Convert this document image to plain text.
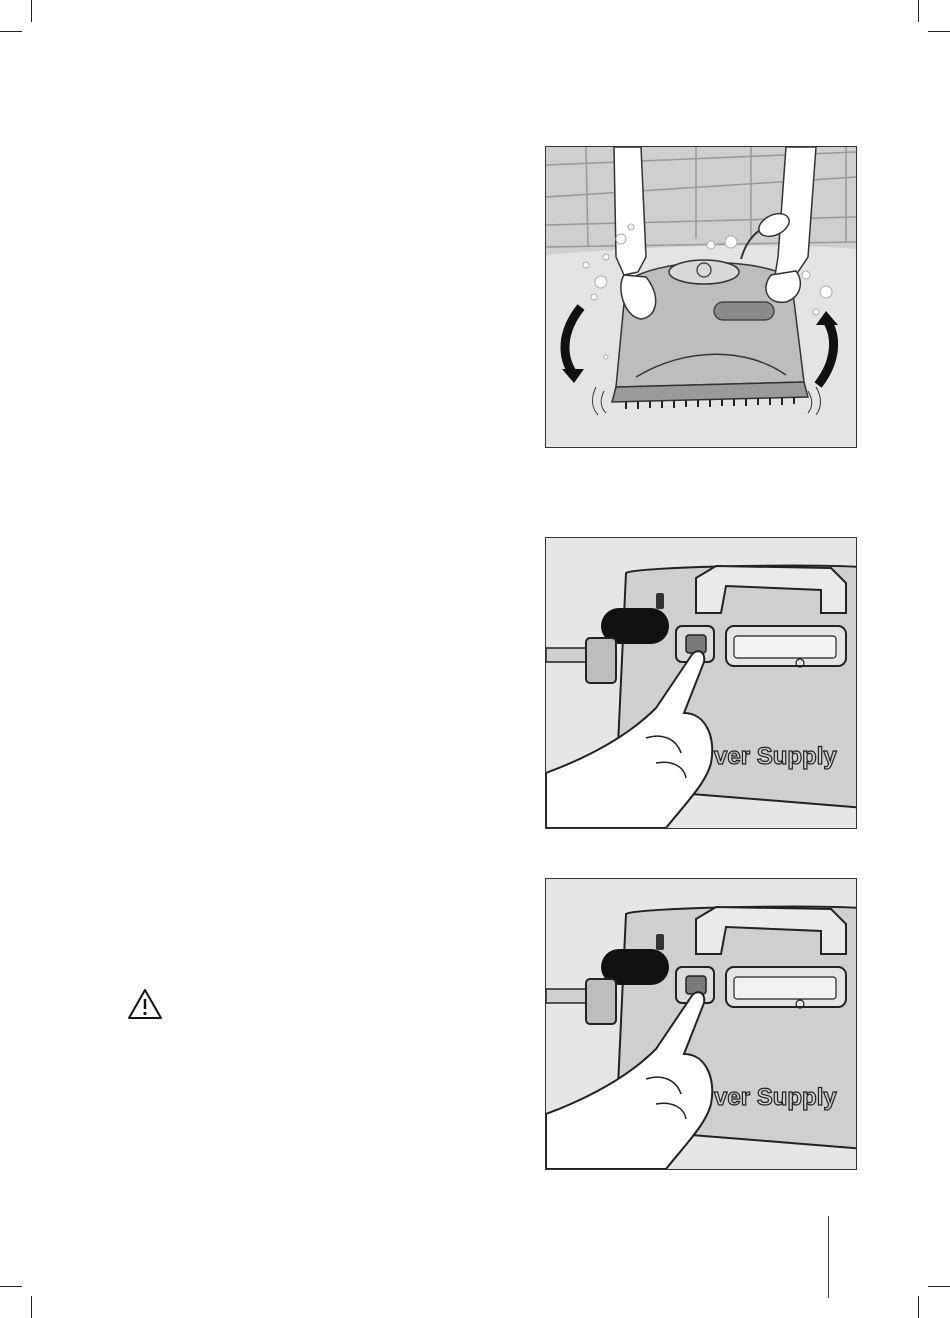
ver Supply
ver Supply
